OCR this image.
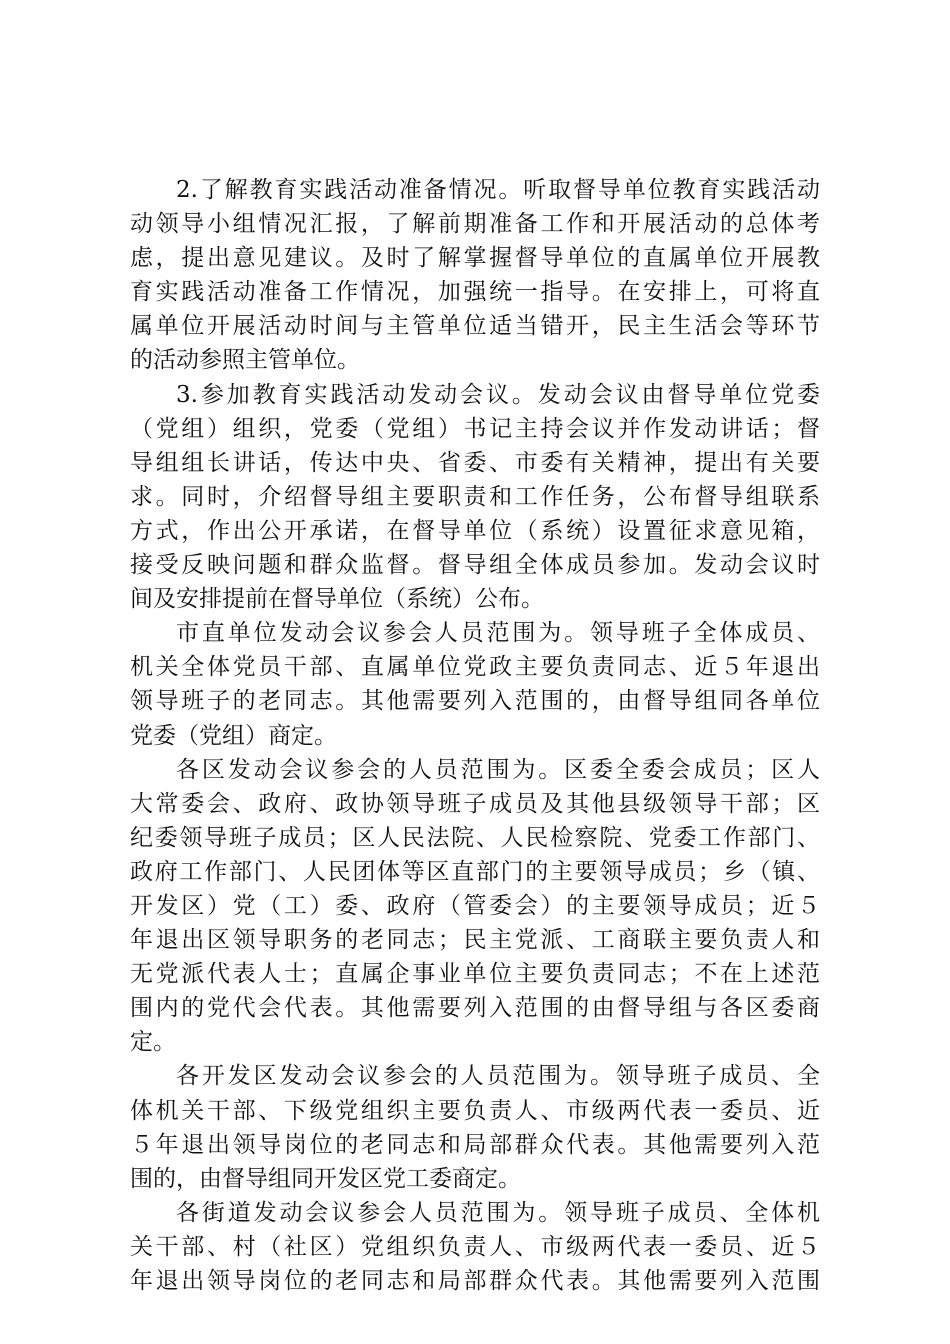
2.了解教育实践活动准备情况。听取督导单位教育实践活动
动领导小组情况汇报，了解前期准备工作和开展活动的总体考
虑，提出意见建议。及时了解掌握督导单位的直属单位开展教
育实践活动准备工作情况，加强统一指导。在安排上，可将直
属单位开展活动时间与主管单位适当错开，民主生活会等环节
的活动参照主管单位。
3.参加教育实践活动发动会议。发动会议由督导单位党委
（党组）组织，党委（党组）书记主持会议并作发动讲话；督
导组组长讲话，传达中央、省委、市委有关精神，提出有关要
求。同时，介绍督导组主要职责和工作任务，公布督导组联系
方式，作出公开承诺，在督导单位（系统）设置征求意见箱，
接受反映问题和群众监督。督导组全体成员参加。发动会议时
间及安排提前在督导单位（系统）公布。
市直单位发动会议参会人员范围为。领导班子全体成员、
机关全体党员干部、直属单位党政主要负责同志、近５年退出
领导班子的老同志。其他需要列入范围的，由督导组同各单位
党委（党组）商定。
各区发动会议参会的人员范围为。区委全委会成员；区人
大常委会、政府、政协领导班子成员及其他县级领导干部；区
纪委领导班子成员；区人民法院、人民检察院、党委工作部门、
政府工作部门、人民团体等区直部门的主要领导成员；乡（镇、
开发区）党（工）委、政府（管委会）的主要领导成员；近５
年退出区领导职务的老同志；民主党派、工商联主要负责人和
无党派代表人士；直属企事业单位主要负责同志；不在上述范
围内的党代会代表。其他需要列入范围的由督导组与各区委商
定。
各开发区发动会议参会的人员范围为。领导班子成员、全
体机关干部、下级党组织主要负责人、市级两代表一委员、近
５年退出领导岗位的老同志和局部群众代表。其他需要列入范
围的，由督导组同开发区党工委商定。
各街道发动会议参会人员范围为。领导班子成员、全体机
关干部、村（社区）党组织负责人、市级两代表一委员、近５
年退出领导岗位的老同志和局部群众代表。其他需要列入范围
